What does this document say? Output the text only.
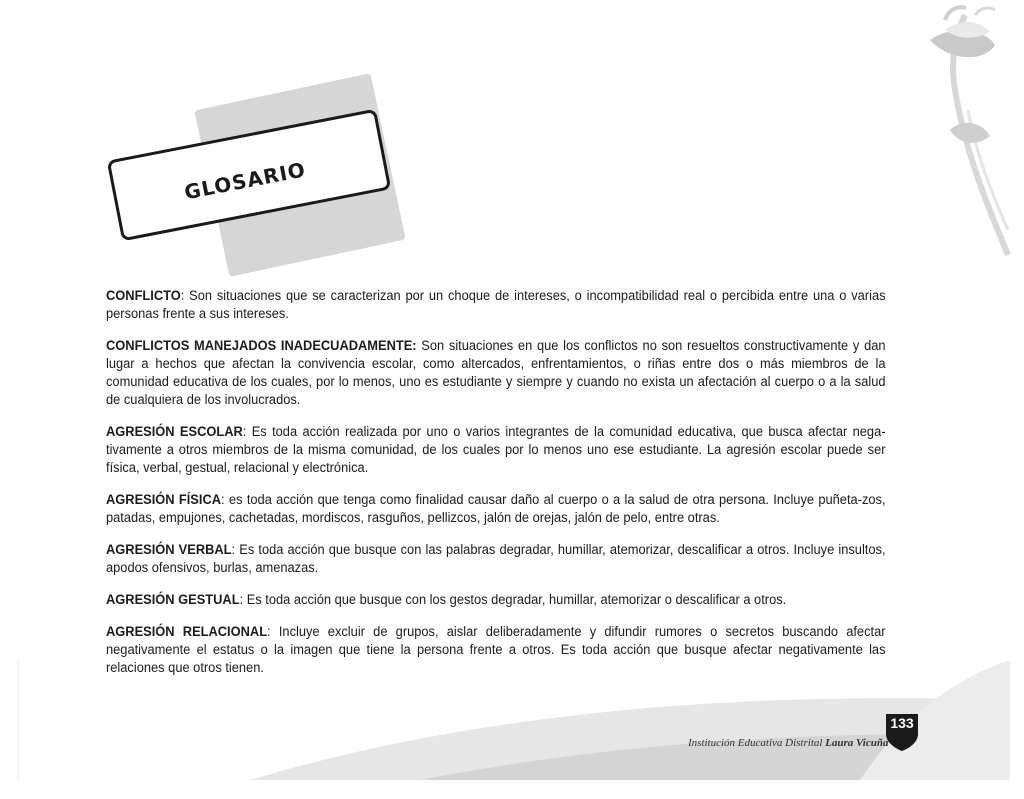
GLOSARIO

CONFLICTO: Son situaciones que se caracterizan por un choque de intereses, o incompatibilidad real o percibida entre una o varias personas frente a sus intereses.

CONFLICTOS MANEJADOS INADECUADAMENTE: Son situaciones en que los conflictos no son resueltos constructivamente y dan lugar a hechos que afectan la convivencia escolar, como altercados, enfrentamientos, o riñas entre dos o más miembros de la comunidad educativa de los cuales, por lo menos, uno es estudiante y siempre y cuando no exista un afectación al cuerpo o a la salud de cualquiera de los involucrados.

AGRESIÓN ESCOLAR: Es toda acción realizada por uno o varios integrantes de la comunidad educativa, que busca afectar nega-tivamente a otros miembros de la misma comunidad, de los cuales por lo menos uno ese estudiante. La agresión escolar puede ser física, verbal, gestual, relacional y electrónica.

AGRESIÓN FÍSICA: es toda acción que tenga como finalidad causar daño al cuerpo o a la salud de otra persona. Incluye puñeta-zos, patadas, empujones, cachetadas, mordiscos, rasguños, pellizcos, jalón de orejas, jalón de pelo, entre otras.

AGRESIÓN VERBAL: Es toda acción que busque con las palabras degradar, humillar, atemorizar, descalificar a otros. Incluye insultos, apodos ofensivos, burlas, amenazas.

AGRESIÓN GESTUAL: Es toda acción que busque con los gestos degradar, humillar, atemorizar o descalificar a otros.

AGRESIÓN RELACIONAL: Incluye excluir de grupos, aislar deliberadamente y difundir rumores o secretos buscando afectar negativamente el estatus o la imagen que tiene la persona frente a otros. Es toda acción que busque afectar negativamente las relaciones que otros tienen.

Institución Educativa Distrital Laura Vicuña
133
